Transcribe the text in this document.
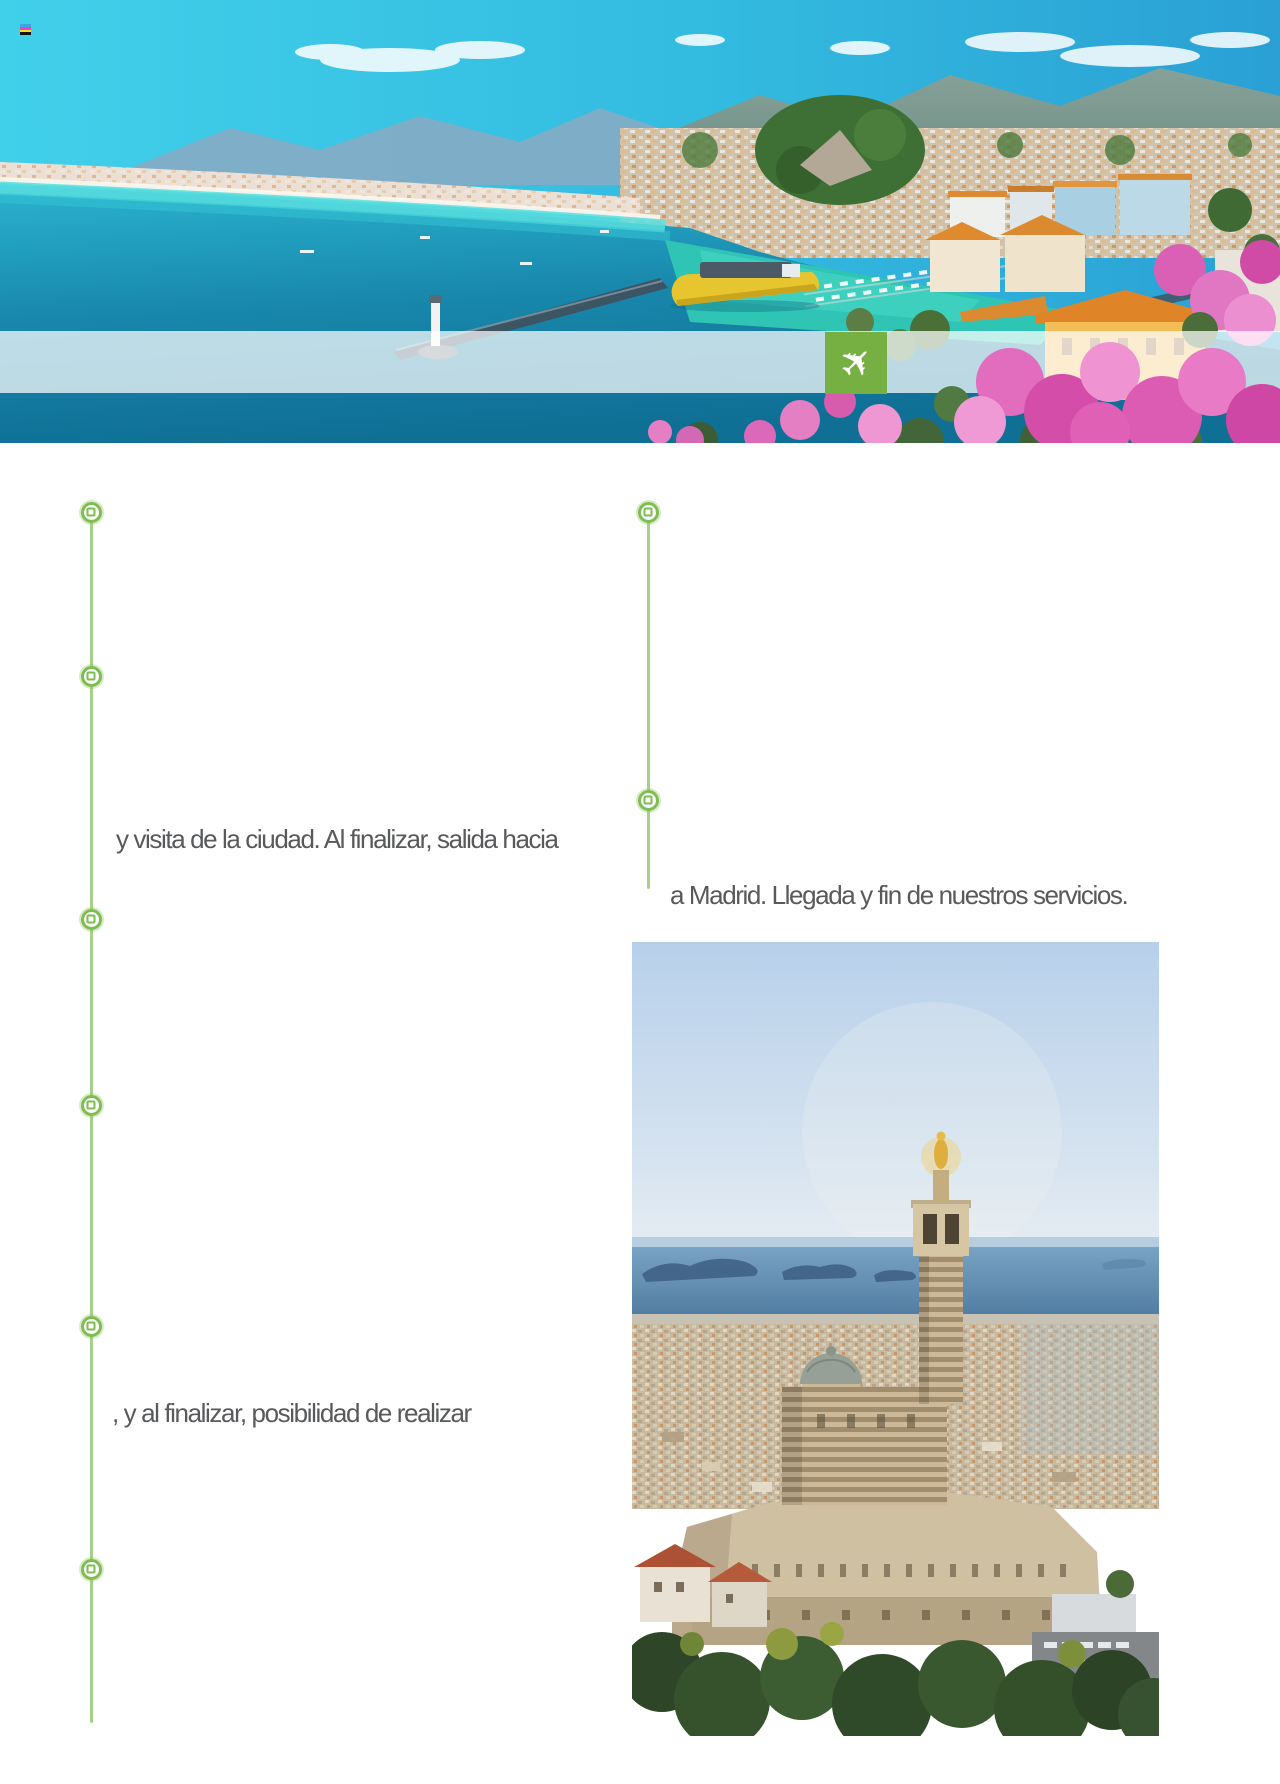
✈
y visita de la ciudad. Al finalizar, salida hacia
a Madrid. Llegada y fin de nuestros servicios.
, y al finalizar, posibilidad de realizar
